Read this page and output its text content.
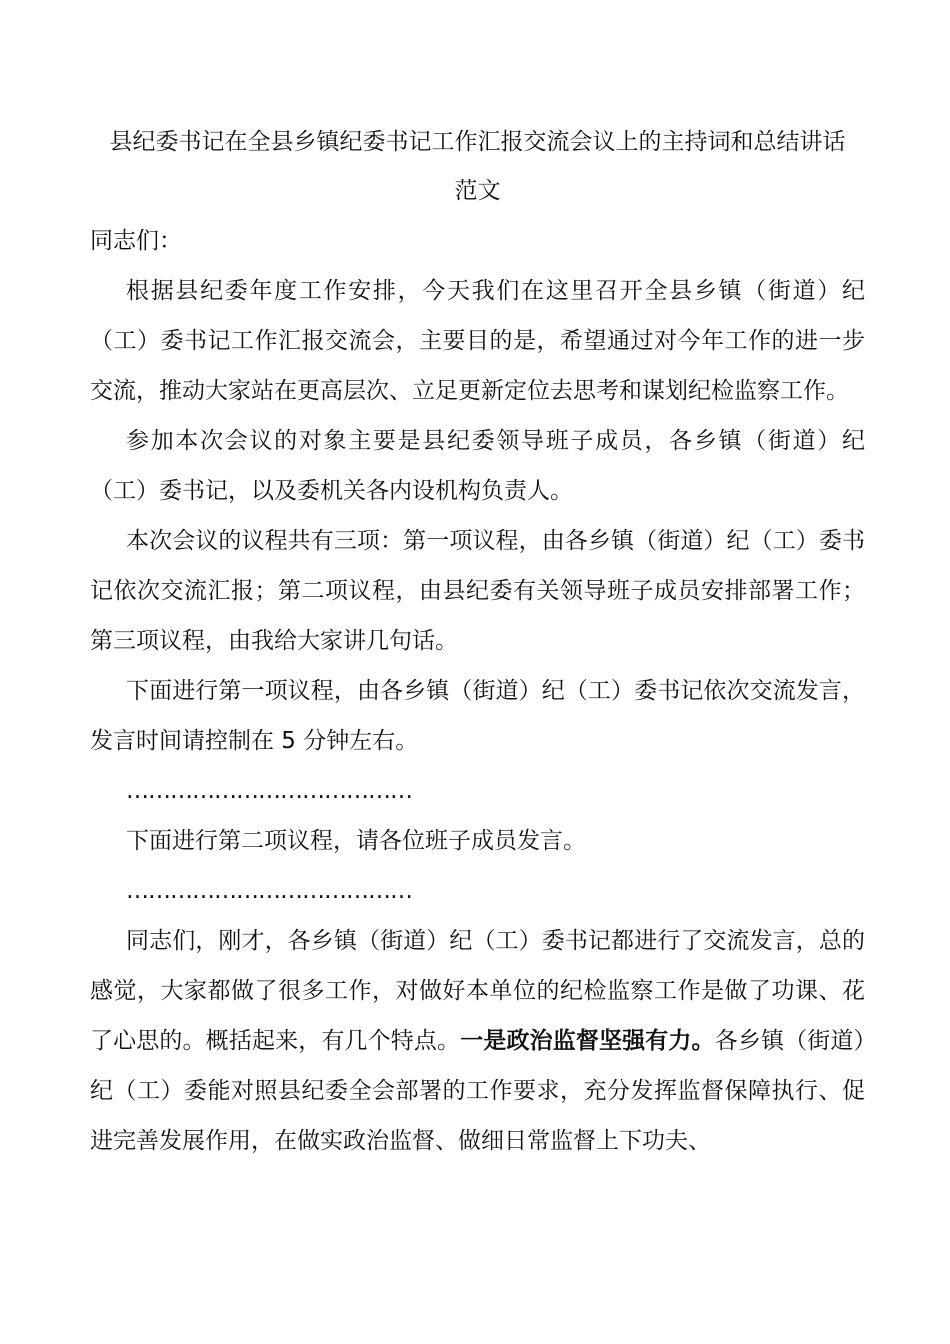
县纪委书记在全县乡镇纪委书记工作汇报交流会议上的主持词和总结讲话

范文

同志们：

根据县纪委年度工作安排，今天我们在这里召开全县乡镇（街道）纪（工）委书记工作汇报交流会，主要目的是，希望通过对今年工作的进一步交流，推动大家站在更高层次、立足更新定位去思考和谋划纪检监察工作。

参加本次会议的对象主要是县纪委领导班子成员，各乡镇（街道）纪（工）委书记，以及委机关各内设机构负责人。

本次会议的议程共有三项：第一项议程，由各乡镇（街道）纪（工）委书记依次交流汇报；第二项议程，由县纪委有关领导班子成员安排部署工作；第三项议程，由我给大家讲几句话。

下面进行第一项议程，由各乡镇（街道）纪（工）委书记依次交流发言，发言时间请控制在 5 分钟左右。

…………………………………

下面进行第二项议程，请各位班子成员发言。

…………………………………

同志们，刚才，各乡镇（街道）纪（工）委书记都进行了交流发言，总的感觉，大家都做了很多工作，对做好本单位的纪检监察工作是做了功课、花了心思的。概括起来，有几个特点。一是政治监督坚强有力。各乡镇（街道）纪（工）委能对照县纪委全会部署的工作要求，充分发挥监督保障执行、促进完善发展作用，在做实政治监督、做细日常监督上下功夫、
